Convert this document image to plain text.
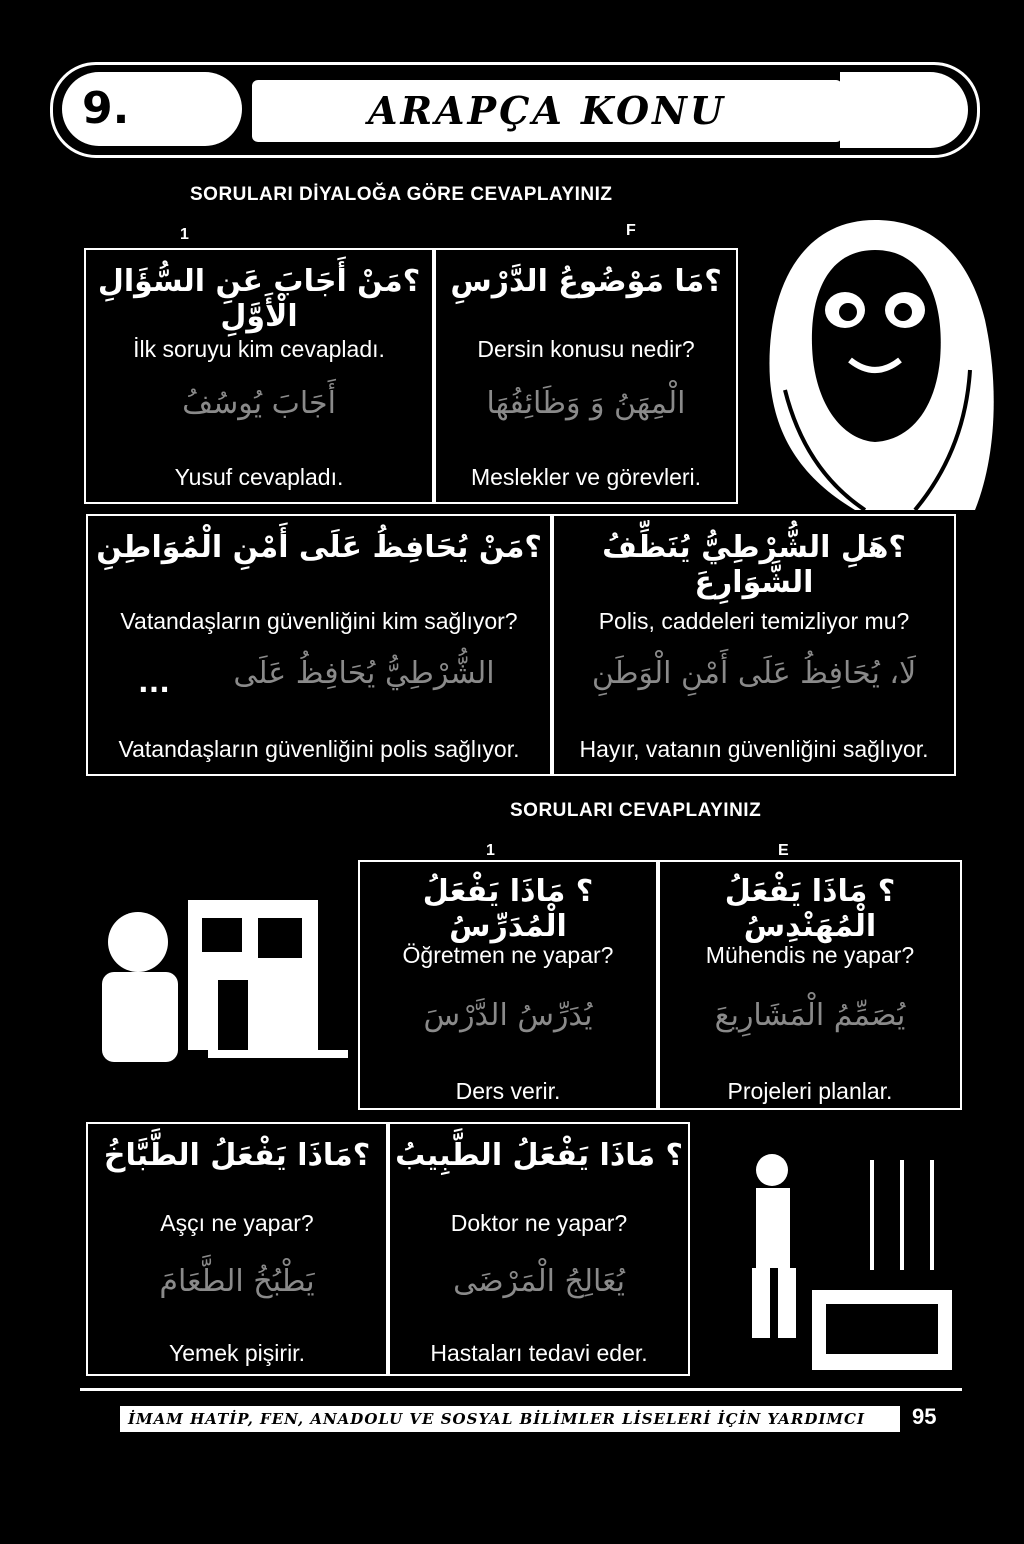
9.	ARAPÇA KONU ANLATIMI
SORULARI DİYALOĞA GÖRE CEVAPLAYINIZ
1	F
؟مَنْ أَجَابَ عَنِ السُّؤَالِ الْأَوَّلِ
İlk soruyu kim cevapladı.
أَجَابَ يُوسُفُ
Yusuf cevapladı.
؟مَا مَوْضُوعُ الدَّرْسِ
Dersin konusu nedir?
الْمِهَنُ وَ وَظَائِفُهَا
Meslekler ve görevleri.
؟مَنْ يُحَافِظُ عَلَى أَمْنِ الْمُوَاطِنِ
Vatandaşların güvenliğini kim sağlıyor?
...	الشُّرْطِيُّ يُحَافِظُ عَلَى
Vatandaşların güvenliğini polis sağlıyor.
؟هَلِ الشُّرْطِيُّ يُنَظِّفُ الشَّوَارِعَ
Polis, caddeleri temizliyor mu?
لَا، يُحَافِظُ عَلَى أَمْنِ الْوَطَنِ
Hayır, vatanın güvenliğini sağlıyor.
SORULARI CEVAPLAYINIZ
1	E
؟ مَاذَا يَفْعَلُ الْمُدَرِّسُ
Öğretmen ne yapar?
يُدَرِّسُ الدَّرْسَ
Ders verir.
؟ مَاذَا يَفْعَلُ الْمُهَنْدِسُ
Mühendis ne yapar?
يُصَمِّمُ الْمَشَارِيعَ
Projeleri planlar.
؟مَاذَا يَفْعَلُ الطَّبَّاخُ
Aşçı ne yapar?
يَطْبُخُ الطَّعَامَ
Yemek pişirir.
؟ مَاذَا يَفْعَلُ الطَّبِيبُ
Doktor ne yapar?
يُعَالِجُ الْمَرْضَى
Hastaları tedavi eder.
İMAM HATİP, FEN, ANADOLU VE SOSYAL BİLİMLER LİSELERİ İÇİN YARDIMCI KİTAP
95
